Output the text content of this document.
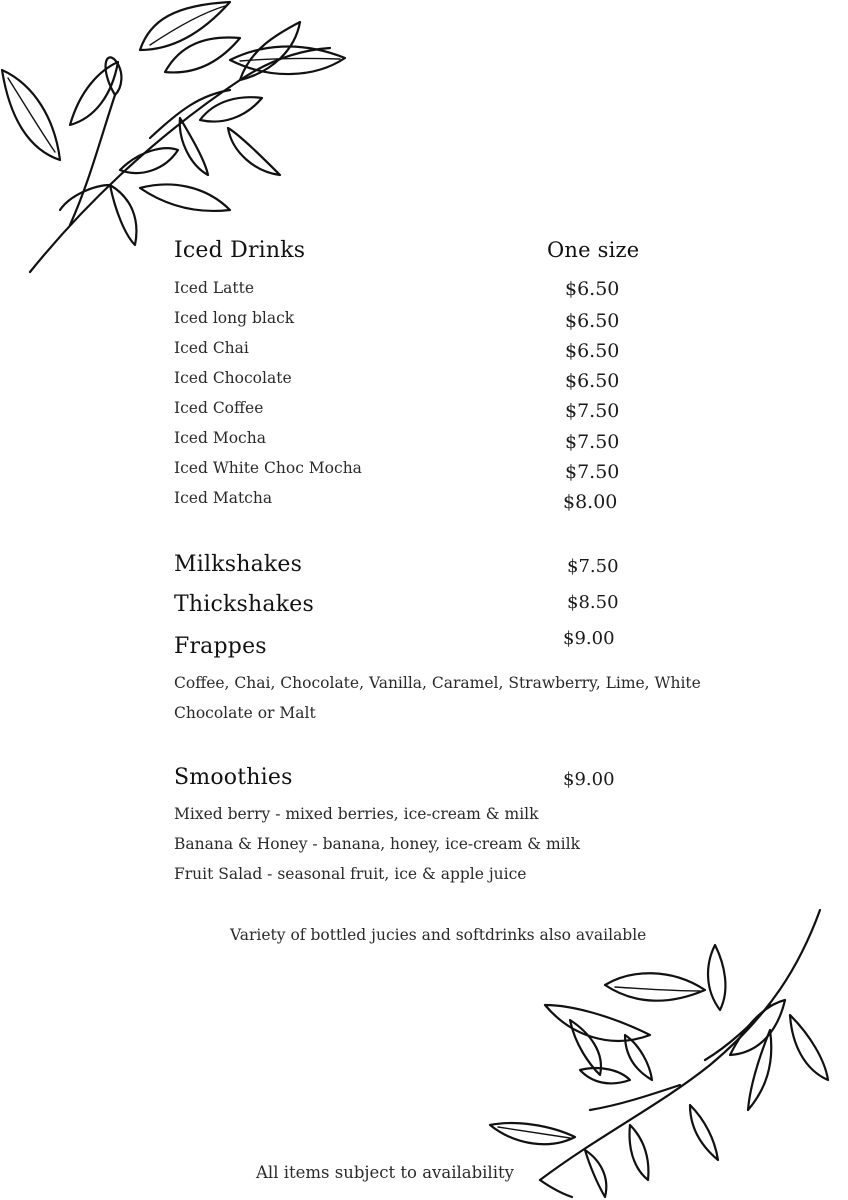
Iced Drinks	One size
Iced Latte	$6.50
Iced long black	$6.50
Iced Chai	$6.50
Iced Chocolate	$6.50
Iced Coffee	$7.50
Iced Mocha	$7.50
Iced White Choc Mocha	$7.50
Iced Matcha	$8.00
Milkshakes	$7.50
Thickshakes	$8.50
Frappes	$9.00
Coffee, Chai, Chocolate, Vanilla, Caramel, Strawberry, Lime, White
Chocolate or Malt
Smoothies	$9.00
Mixed berry - mixed berries, ice-cream & milk
Banana & Honey - banana, honey, ice-cream & milk
Fruit Salad - seasonal fruit, ice & apple juice
Variety of bottled jucies and softdrinks also available
All items subject to availability
